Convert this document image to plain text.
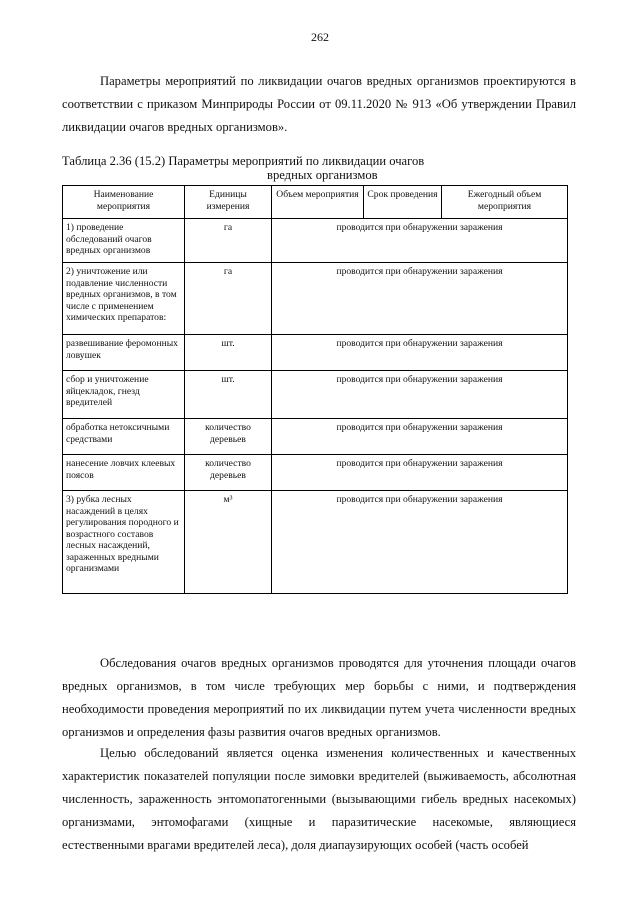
262

Параметры мероприятий по ликвидации очагов вредных организмов проектируются в соответствии с приказом Минприроды России от 09.11.2020 № 913 «Об утверждении Правил ликвидации очагов вредных организмов».

Таблица 2.36 (15.2) Параметры мероприятий по ликвидации очагов
вредных организмов
Наименование мероприятия	Единицы измерения	Объем мероприятия	Срок проведения	Ежегодный объем мероприятия
1) проведение обследований очагов вредных организмов	га	проводится при обнаружении заражения		
2) уничтожение или подавление численности вредных организмов, в том числе с применением химических препаратов:	га	проводится при обнаружении заражения		
развешивание феромонных ловушек	шт.	проводится при обнаружении заражения		
сбор и уничтожение яйцекладок, гнезд вредителей	шт.	проводится при обнаружении заражения		
обработка нетоксичными средствами	количество деревьев	проводится при обнаружении заражения		
нанесение ловчих клеевых поясов	количество деревьев	проводится при обнаружении заражения		
3) рубка лесных насаждений в целях регулирования породного и возрастного составов лесных насаждений, зараженных вредными организмами	м³	проводится при обнаружении заражения		

Обследования очагов вредных организмов проводятся для уточнения площади очагов вредных организмов, в том числе требующих мер борьбы с ними, и подтверждения необходимости проведения мероприятий по их ликвидации путем учета численности вредных организмов и определения фазы развития очагов вредных организмов.

Целью обследований является оценка изменения количественных и качественных характеристик показателей популяции после зимовки вредителей (выживаемость, абсолютная численность, зараженность энтомопатогенными (вызывающими гибель вредных насекомых) организмами, энтомофагами (хищные и паразитические насекомые, являющиеся естественными врагами вредителей леса), доля диапаузирующих особей (часть особей
